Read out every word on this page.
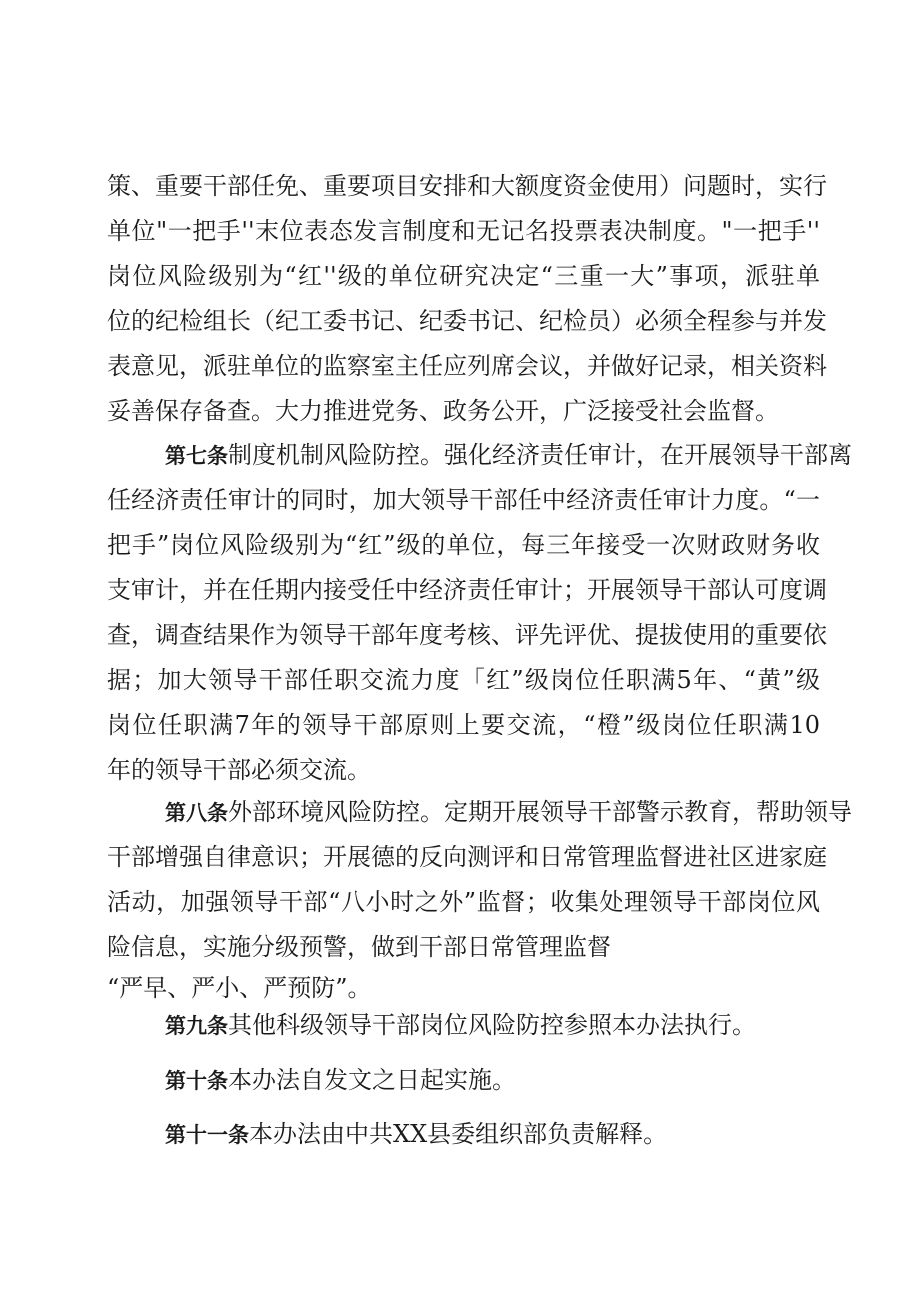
策、重要干部任免、重要项目安排和大额度资金使用）问题时，实行
单位"一把手''末位表态发言制度和无记名投票表决制度。"一把手''
岗位风险级别为“红''级的单位研究决定“三重一大”事项，派驻单
位的纪检组长（纪工委书记、纪委书记、纪检员）必须全程参与并发
表意见，派驻单位的监察室主任应列席会议，并做好记录，相关资料
妥善保存备查。大力推进党务、政务公开，广泛接受社会监督。
第七条制度机制风险防控。强化经济责任审计，在开展领导干部离
任经济责任审计的同时，加大领导干部任中经济责任审计力度。“一
把手”岗位风险级别为“红”级的单位，每三年接受一次财政财务收
支审计，并在任期内接受任中经济责任审计；开展领导干部认可度调
查，调查结果作为领导干部年度考核、评先评优、提拔使用的重要依
据；加大领导干部任职交流力度「红”级岗位任职满5年、“黄”级
岗位任职满7年的领导干部原则上要交流，“橙”级岗位任职满10
年的领导干部必须交流。
第八条外部环境风险防控。定期开展领导干部警示教育，帮助领导
干部增强自律意识；开展德的反向测评和日常管理监督进社区进家庭
活动，加强领导干部“八小时之外”监督；收集处理领导干部岗位风
险信息，实施分级预警，做到干部日常管理监督
“严早、严小、严预防”。
第九条其他科级领导干部岗位风险防控参照本办法执行。
第十条本办法自发文之日起实施。
第十一条本办法由中共XX县委组织部负责解释。
